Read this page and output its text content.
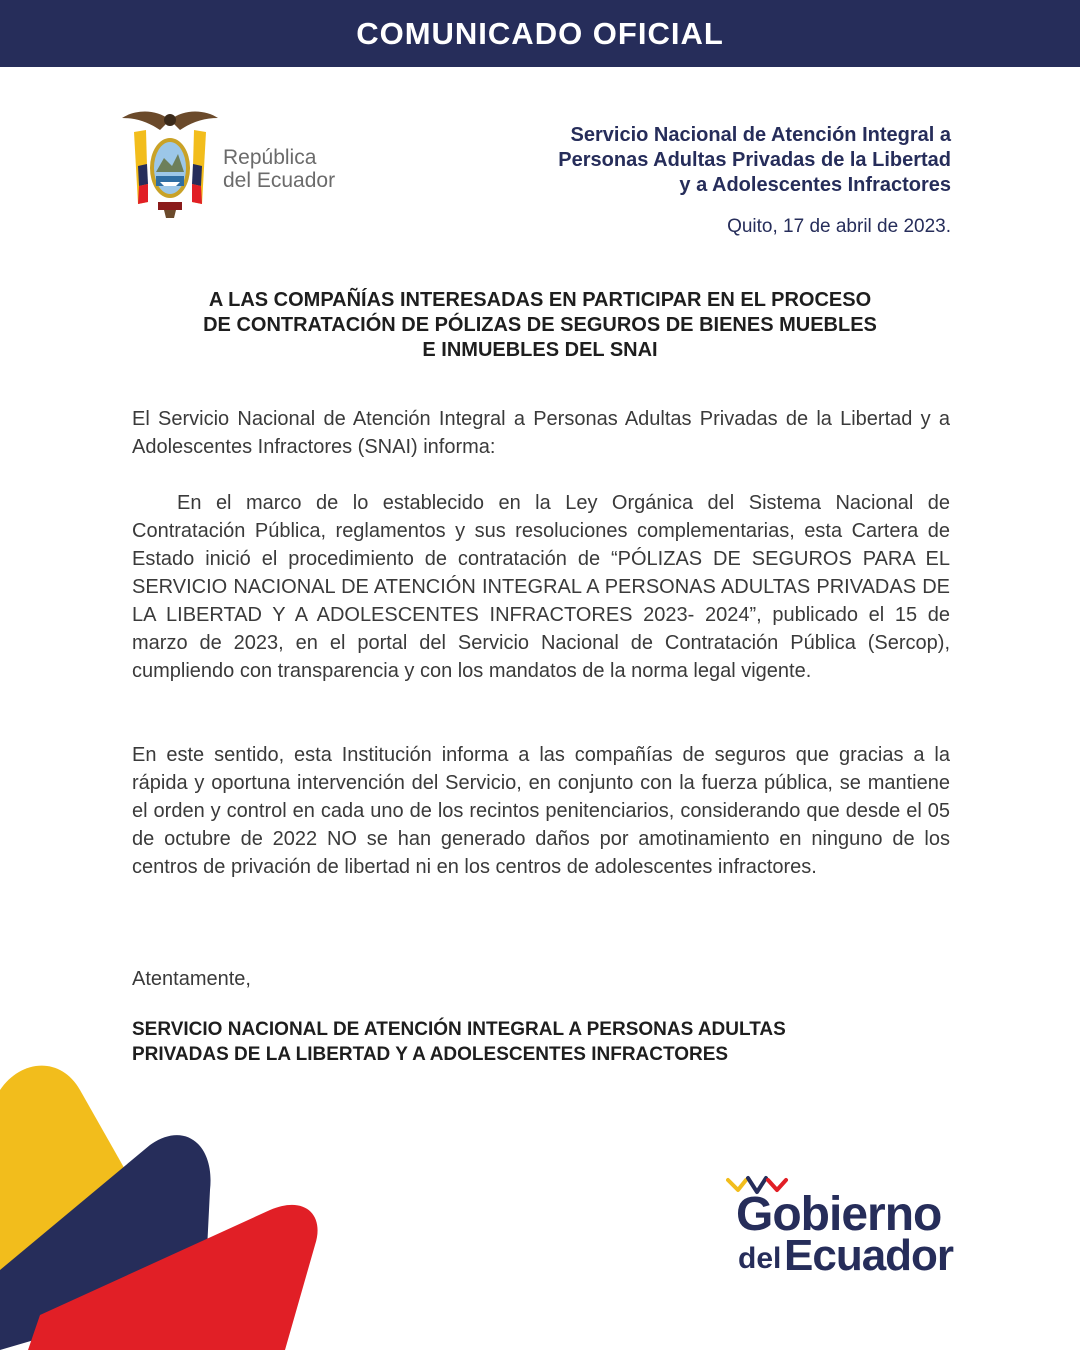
COMUNICADO OFICIAL
República
del Ecuador
Servicio Nacional de Atención Integral a
Personas Adultas Privadas de la Libertad
y a Adolescentes Infractores
Quito, 17 de abril de 2023.
A LAS COMPAÑÍAS INTERESADAS EN PARTICIPAR EN EL PROCESO
DE CONTRATACIÓN DE PÓLIZAS DE SEGUROS DE BIENES MUEBLES
E INMUEBLES DEL SNAI
El Servicio Nacional de Atención Integral a Personas Adultas Privadas de la Libertad y a Adolescentes Infractores (SNAI) informa:
En el marco de lo establecido en la Ley Orgánica del Sistema Nacional de Contratación Pública, reglamentos y sus resoluciones complementarias, esta Cartera de Estado inició el procedimiento de contratación de “PÓLIZAS DE SEGUROS PARA EL SERVICIO NACIONAL DE ATENCIÓN INTEGRAL A PERSONAS ADULTAS PRIVADAS DE LA LIBERTAD Y A ADOLESCENTES INFRACTORES 2023- 2024”, publicado el 15 de marzo de 2023, en el portal del Servicio Nacional de Contratación Pública (Sercop), cumpliendo con transparencia y con los mandatos de la norma legal vigente.
En este sentido, esta Institución informa a las compañías de seguros que gracias a la rápida y oportuna intervención del Servicio, en conjunto con la fuerza pública, se mantiene el orden y control en cada uno de los recintos penitenciarios, considerando que desde el 05 de octubre de 2022 NO se han generado daños por amotinamiento en ninguno de los centros de privación de libertad ni en los centros de adolescentes infractores.
Atentamente,
SERVICIO NACIONAL DE ATENCIÓN INTEGRAL A PERSONAS ADULTAS
PRIVADAS DE LA LIBERTAD Y A ADOLESCENTES INFRACTORES
Gobierno
del Ecuador
